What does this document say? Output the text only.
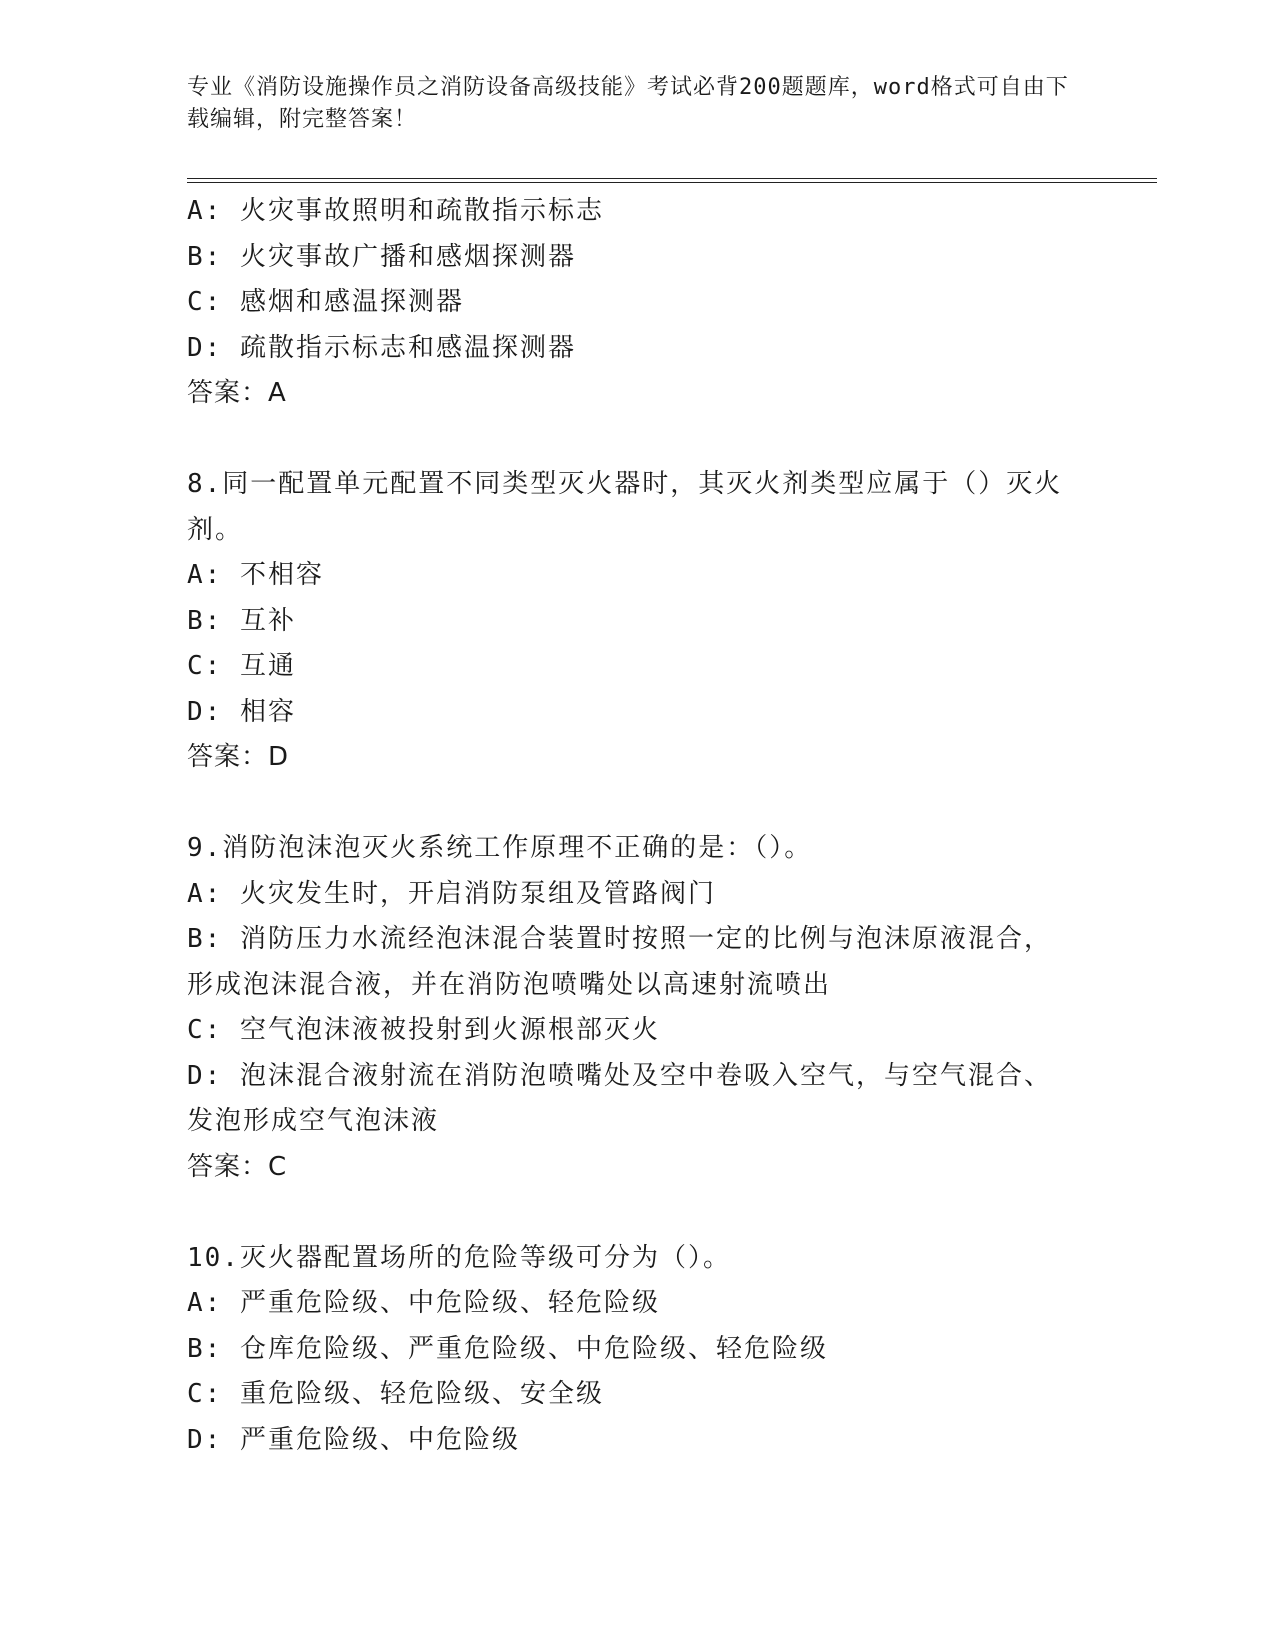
专业《消防设施操作员之消防设备高级技能》考试必背200题题库，word格式可自由下载编辑，附完整答案！

A: 火灾事故照明和疏散指示标志

B: 火灾事故广播和感烟探测器

C: 感烟和感温探测器

D: 疏散指示标志和感温探测器

答案：A

8.同一配置单元配置不同类型灭火器时，其灭火剂类型应属于（）灭火剂。

A: 不相容

B: 互补

C: 互通

D: 相容

答案：D

9.消防泡沫泡灭火系统工作原理不正确的是：（）。

A: 火灾发生时，开启消防泵组及管路阀门

B: 消防压力水流经泡沫混合装置时按照一定的比例与泡沫原液混合，形成泡沫混合液，并在消防泡喷嘴处以高速射流喷出

C: 空气泡沫液被投射到火源根部灭火

D: 泡沫混合液射流在消防泡喷嘴处及空中卷吸入空气，与空气混合、发泡形成空气泡沫液

答案：C

10.灭火器配置场所的危险等级可分为（）。

A: 严重危险级、中危险级、轻危险级

B: 仓库危险级、严重危险级、中危险级、轻危险级

C: 重危险级、轻危险级、安全级

D: 严重危险级、中危险级
